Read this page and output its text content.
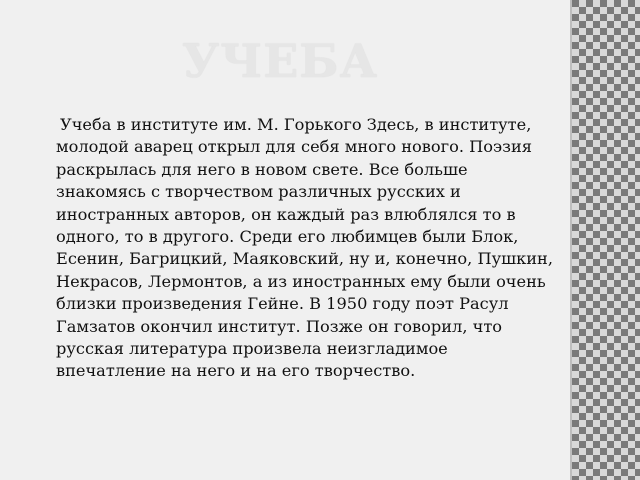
УЧЕБА

Учеба в институте им. М. Горького Здесь, в институте, молодой аварец открыл для себя много нового. Поэзия раскрылась для него в новом свете. Все больше знакомясь с творчеством различных русских и иностранных авторов, он каждый раз влюблялся то в одного, то в другого. Среди его любимцев были Блок, Есенин, Багрицкий, Маяковский, ну и, конечно, Пушкин, Некрасов, Лермонтов, а из иностранных ему были очень близки произведения Гейне. В 1950 году поэт Расул Гамзатов окончил институт. Позже он говорил, что русская литература произвела неизгладимое впечатление на него и на его творчество.
